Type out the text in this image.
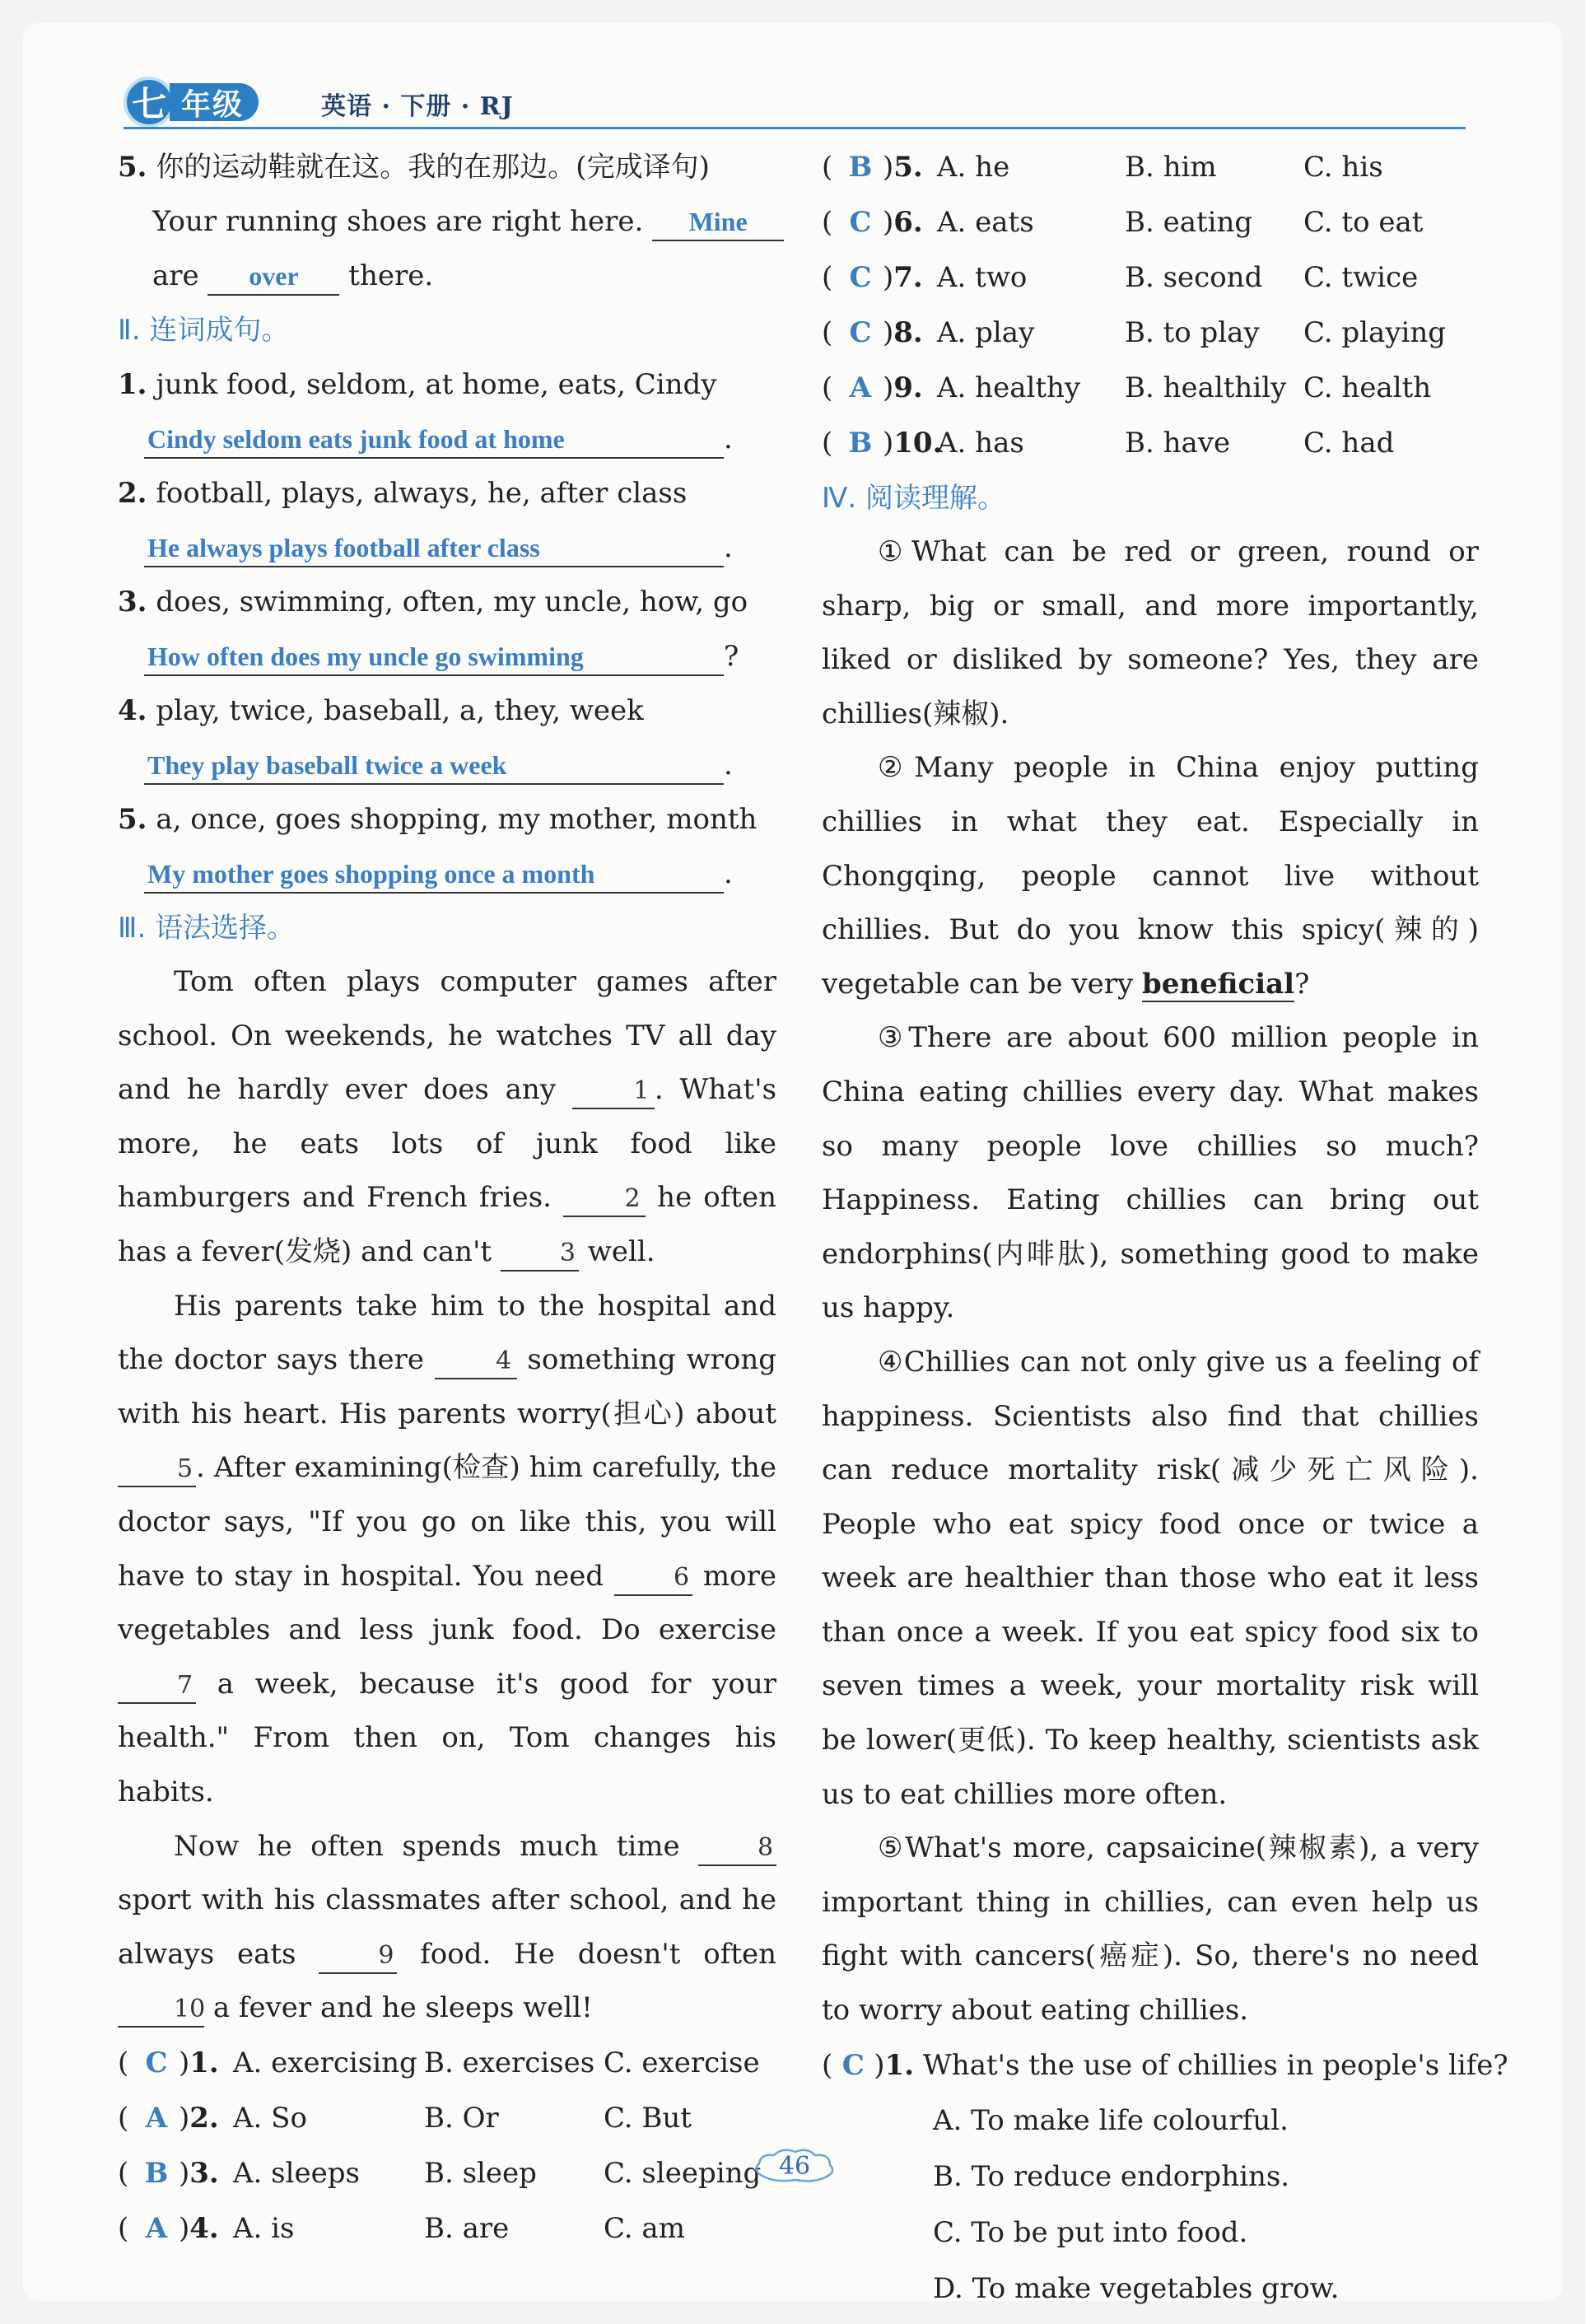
七 年级	英语 · 下册 · RJ
5. 你的运动鞋就在这。我的在那边。(完成译句)
Your running shoes are right here. Mine
are over there.
Ⅱ. 连词成句。
1. junk food, seldom, at home, eats, Cindy
Cindy seldom eats junk food at home	.
2. football, plays, always, he, after class
He always plays football after class	.
3. does, swimming, often, my uncle, how, go
How often does my uncle go swimming	?
4. play, twice, baseball, a, they, week
They play baseball twice a week	.
5. a, once, goes shopping, my mother, month
My mother goes shopping once a month	.
Ⅲ. 语法选择。

Tom often plays computer games after school. On weekends, he watches TV all day and he hardly ever does any	1 . What's more, he eats lots of junk food like hamburgers and French fries.	2 he often has a fever(发烧) and can't	3 well.

His parents take him to the hospital and the doctor says there	4 something wrong with his heart. His parents worry(担心) about 5 . After examining(检查) him carefully, the doctor says, "If you go on like this, you will have to stay in hospital. You need	6 more vegetables and less junk food. Do exercise 7 a week, because it's good for your health." From then on, Tom changes his habits.

Now he often spends much time	8 sport with his classmates after school, and he always eats	9 food. He doesn't often 10 a fever and he sleeps well!

( C )1. A. exercising B. exercises C. exercise
( A )2. A. So	B. Or	C. But
( B )3. A. sleeps B. sleep C. sleeping
( A )4. A. is	B. are	C. am
( B )5. A. he	B. him	C. his
( C )6. A. eats	B. eating C. to eat
( C )7. A. two	B. second C. twice
( C )8. A. play	B. to play C. playing
( A )9. A. healthy B. healthily C. health
( B )10.
A. has	B. have	C. had
Ⅳ. 阅读理解。

①What can be red or green, round or sharp, big or small, and more importantly, liked or disliked by someone? Yes, they are chillies(辣椒).

②Many people in China enjoy putting chillies in what they eat. Especially in Chongqing, people cannot live without chillies. But do you know this spicy(辣的) vegetable can be very beneficial?

③There are about 600 million people in China eating chillies every day. What makes so many people love chillies so much? Happiness. Eating chillies can bring out endorphins(内啡肽), something good to make us happy.

④Chillies can not only give us a feeling of happiness. Scientists also find that chillies can reduce mortality risk(减少死亡风险). People who eat spicy food once or twice a week are healthier than those who eat it less than once a week. If you eat spicy food six to seven times a week, your mortality risk will be lower(更低). To keep healthy, scientists ask us to eat chillies more often.

⑤What's more, capsaicine(辣椒素), a very important thing in chillies, can even help us fight with cancers(癌症). So, there's no need to worry about eating chillies.

( C )1. What's the use of chillies in people's life?
A. To make life colourful.
B. To reduce endorphins.
C. To be put into food.
D. To make vegetables grow.
46
